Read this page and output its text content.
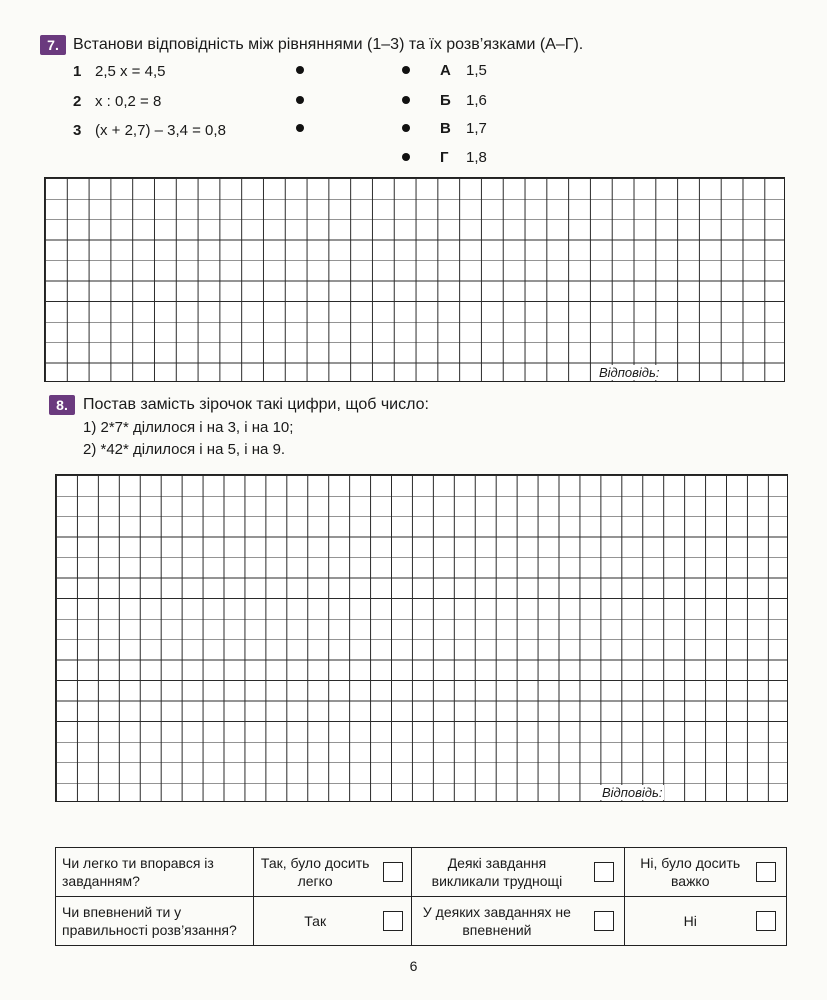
7. Встанови відповідність між рівняннями (1–3) та їх розв’язками (А–Г).
1 2,5 x = 4,5
2 x : 0,2 = 8
3 (x + 2,7) – 3,4 = 0,8
А 1,5
Б 1,6
В 1,7
Г 1,8
Відповідь:
8. Постав замість зірочок такі цифри, щоб число:
1) 2*7* ділилося і на 3, і на 10;
2) *42* ділилося і на 5, і на 9.
Відповідь:
Чи легко ти впорався із завданням?	Так, було досить легко	Деякі завдання викликали труднощі	Ні, було досить важко

Чи впевнений ти у правильності розв’язання?	Так	У деяких завданнях не впевнений	Ні
6
